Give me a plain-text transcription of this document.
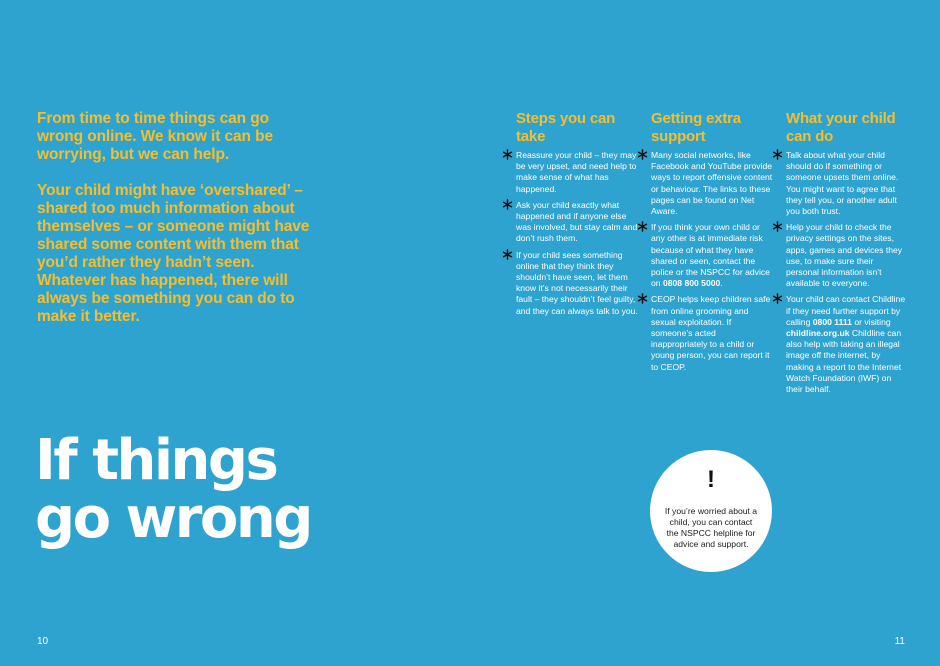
From time to time things can go wrong online. We know it can be worrying, but we can help.

Your child might have ‘overshared’ – shared too much information about themselves – or someone might have shared some content with them that you’d rather they hadn’t seen. Whatever has happened, there will always be something you can do to make it better.

If things
go wrong
10
Steps you can take
Reassure your child – they may be very upset, and need help to make sense of what has happened.
Ask your child exactly what happened and if anyone else was involved, but stay calm and don’t rush them.
If your child sees something online that they think they shouldn’t have seen, let them know it’s not necessarily their fault – they shouldn’t feel guilty, and they can always talk to you.
Getting extra support
Many social networks, like Facebook and YouTube provide ways to report offensive content or behaviour. The links to these pages can be found on Net Aware.
If you think your own child or any other is at immediate risk because of what they have shared or seen, contact the police or the NSPCC for advice on 0808 800 5000.
CEOP helps keep children safe from online grooming and sexual exploitation. If someone’s acted inappropriately to a child or young person, you can report it to CEOP.
What your child can do
Talk about what your child should do if something or someone upsets them online. You might want to agree that they tell you, or another adult you both trust.
Help your child to check the privacy settings on the sites, apps, games and devices they use, to make sure their personal information isn’t available to everyone.
Your child can contact Childline if they need further support by calling 0800 1111 or visiting childline.org.uk Childline can also help with taking an illegal image off the internet, by making a report to the Internet Watch Foundation (IWF) on their behalf.
!
If you’re worried about a child, you can contact the NSPCC helpline for advice and support.
11
